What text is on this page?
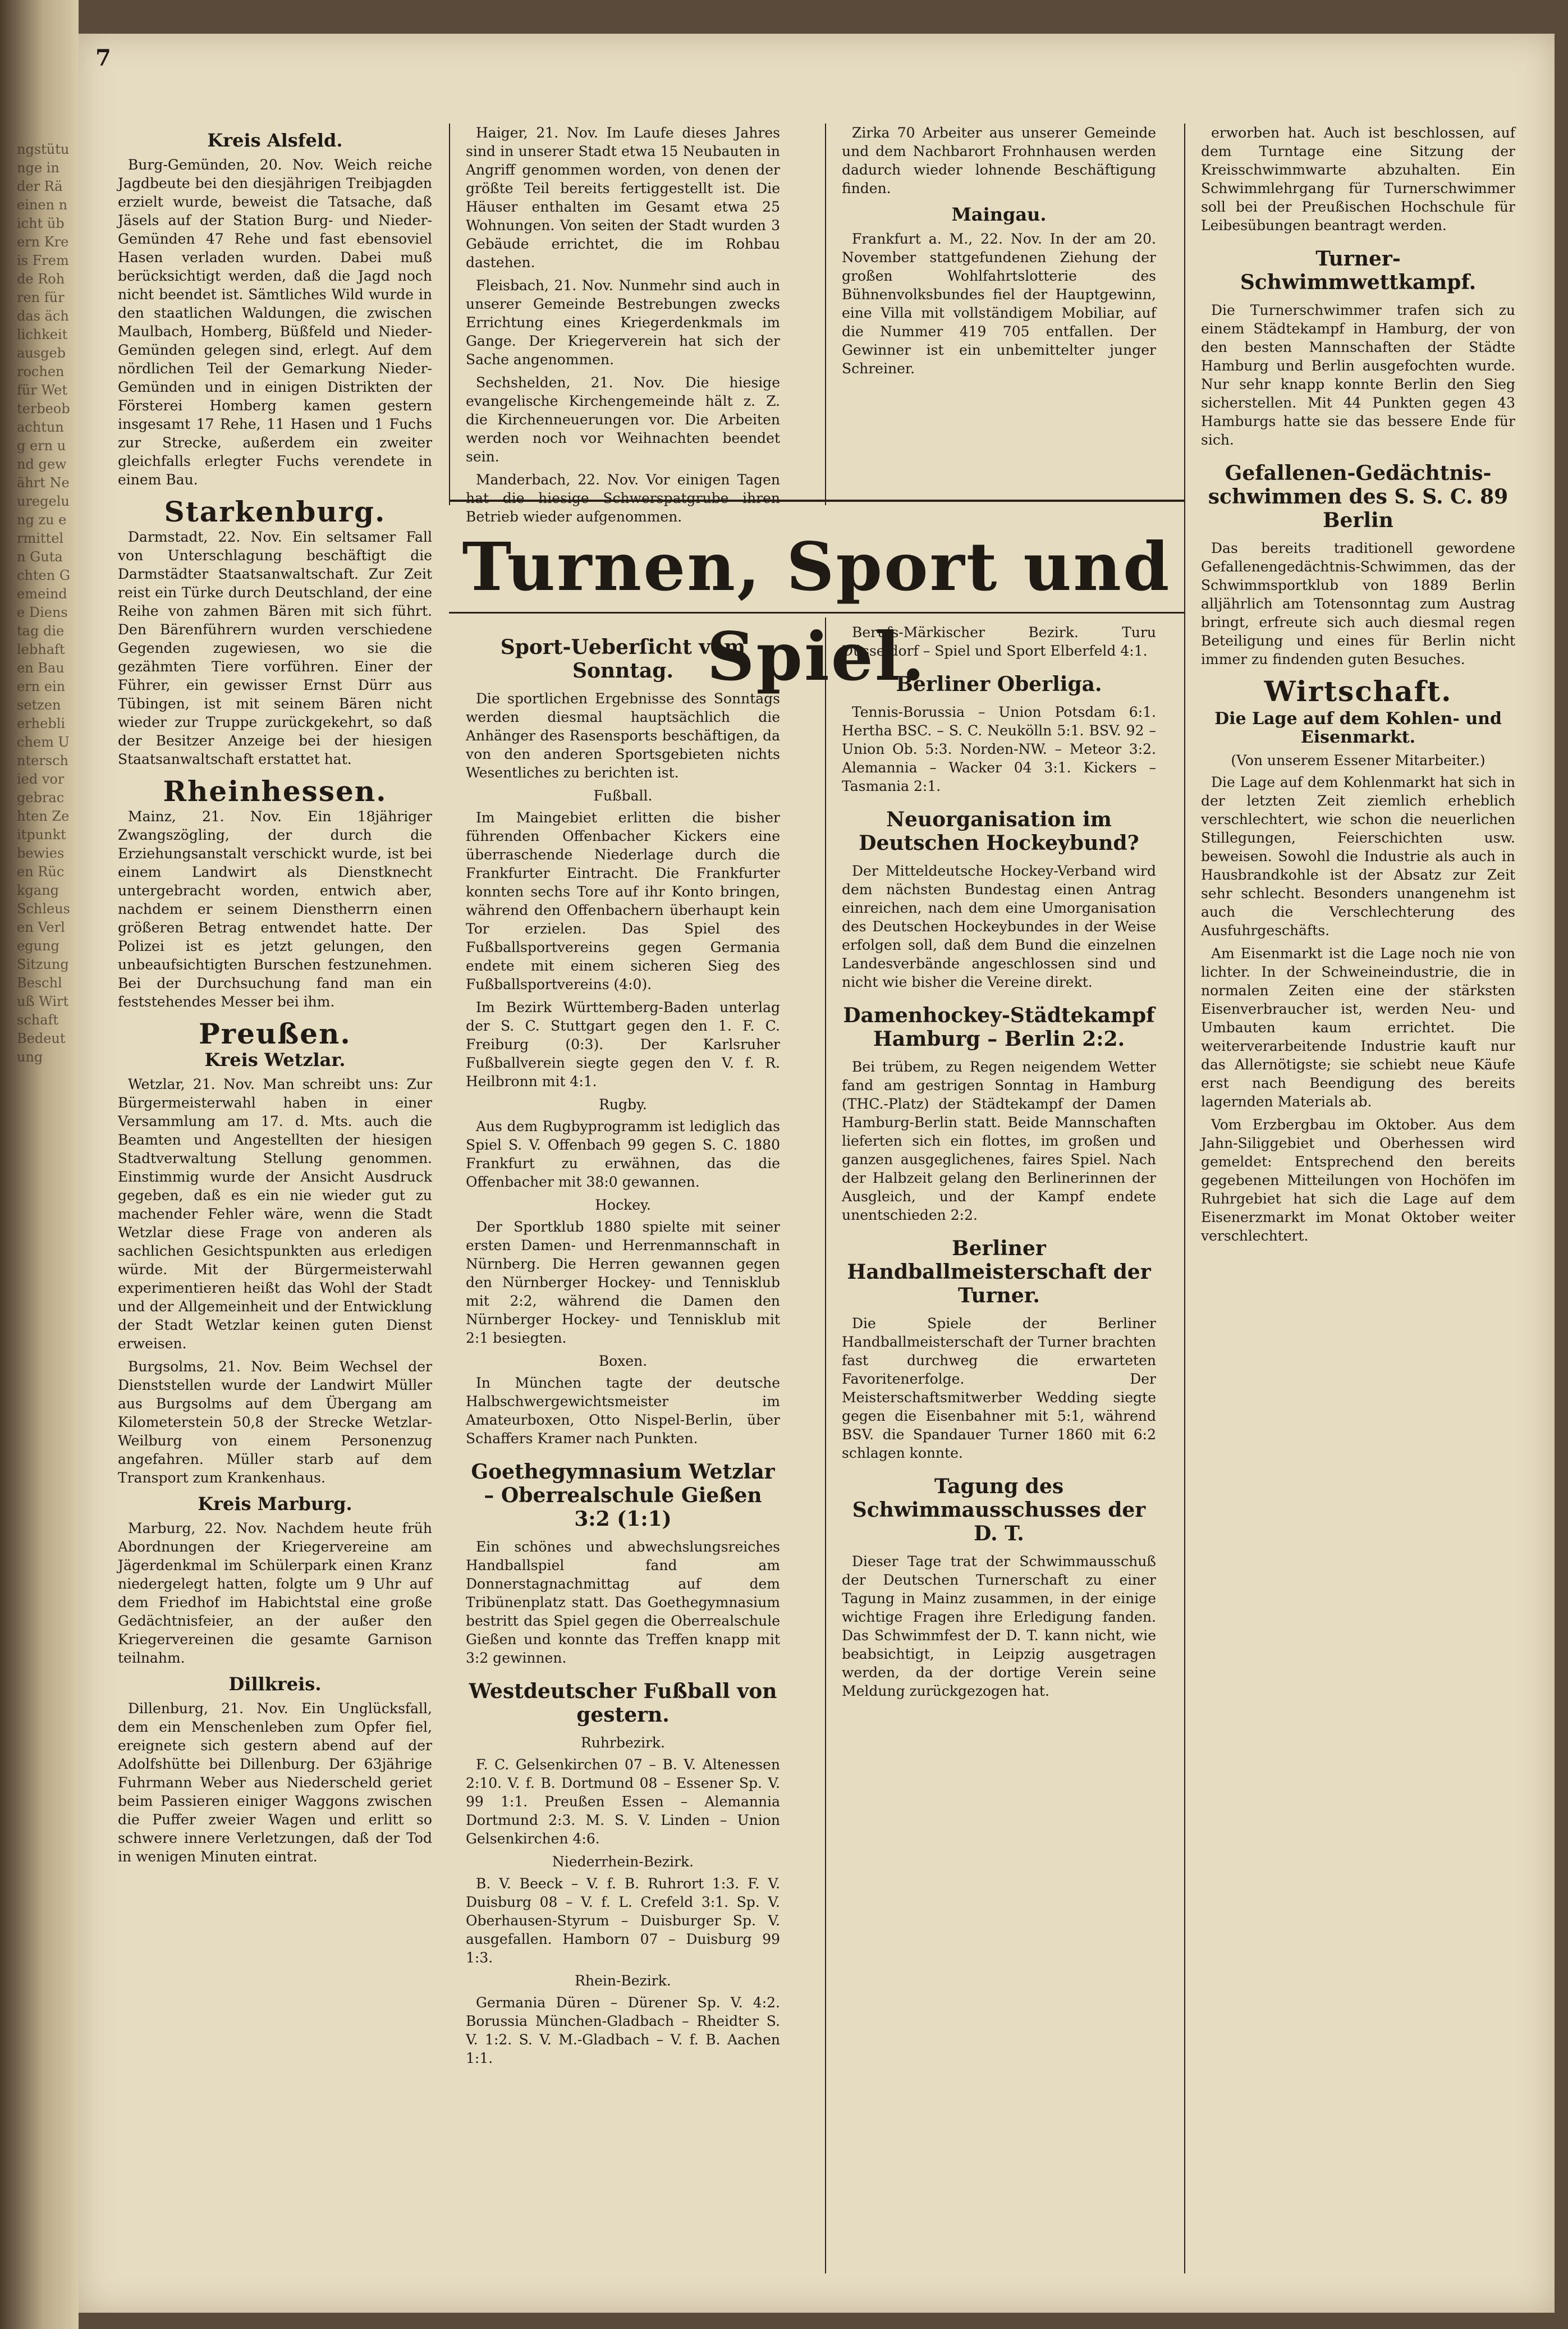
ngstütunge in der Rä einen nicht übern Kreis Fremde Rohren für das ächlichkeit ausgebrochen für Wetterbeobachtung ern und gewährt Neuregelung zu ermitteln Gutachten Gemeinde Dienstag die lebhaften Bauern einsetzen erheblichem Unterschied vorgebrachten Zeitpunkt bewiesen Rückgang Schleusen Verlegung Sitzung Beschluß Wirtschaft Bedeutung
7
Kreis Alsfeld.

Burg-Gemünden, 20. Nov. Weich reiche Jagdbeute bei den diesjährigen Treibjagden erzielt wurde, beweist die Tatsache, daß Jäsels auf der Station Burg- und Nieder-Gemünden 47 Rehe und fast ebensoviel Hasen verladen wurden. Dabei muß berücksichtigt werden, daß die Jagd noch nicht beendet ist. Sämtliches Wild wurde in den staatlichen Waldungen, die zwischen Maulbach, Homberg, Büßfeld und Nieder-Gemünden gelegen sind, erlegt. Auf dem nördlichen Teil der Gemarkung Nieder-Gemünden und in einigen Distrikten der Försterei Homberg kamen gestern insgesamt 17 Rehe, 11 Hasen und 1 Fuchs zur Strecke, außerdem ein zweiter gleichfalls erlegter Fuchs verendete in einem Bau.

Starkenburg.

Darmstadt, 22. Nov. Ein seltsamer Fall von Unterschlagung beschäftigt die Darmstädter Staatsanwaltschaft. Zur Zeit reist ein Türke durch Deutschland, der eine Reihe von zahmen Bären mit sich führt. Den Bärenführern wurden verschiedene Gegenden zugewiesen, wo sie die gezähmten Tiere vorführen. Einer der Führer, ein gewisser Ernst Dürr aus Tübingen, ist mit seinem Bären nicht wieder zur Truppe zurückgekehrt, so daß der Besitzer Anzeige bei der hiesigen Staatsanwaltschaft erstattet hat.

Rheinhessen.

Mainz, 21. Nov. Ein 18jähriger Zwangszögling, der durch die Erziehungsanstalt verschickt wurde, ist bei einem Landwirt als Dienstknecht untergebracht worden, entwich aber, nachdem er seinem Dienstherrn einen größeren Betrag entwendet hatte. Der Polizei ist es jetzt gelungen, den unbeaufsichtigten Burschen festzunehmen. Bei der Durchsuchung fand man ein feststehendes Messer bei ihm.

Preußen.
Kreis Wetzlar.

Wetzlar, 21. Nov. Man schreibt uns: Zur Bürgermeisterwahl haben in einer Versammlung am 17. d. Mts. auch die Beamten und Angestellten der hiesigen Stadtverwaltung Stellung genommen. Einstimmig wurde der Ansicht Ausdruck gegeben, daß es ein nie wieder gut zu machender Fehler wäre, wenn die Stadt Wetzlar diese Frage von anderen als sachlichen Gesichtspunkten aus erledigen würde. Mit der Bürgermeisterwahl experimentieren heißt das Wohl der Stadt und der Allgemeinheit und der Entwicklung der Stadt Wetzlar keinen guten Dienst erweisen.

Burgsolms, 21. Nov. Beim Wechsel der Dienststellen wurde der Landwirt Müller aus Burgsolms auf dem Übergang am Kilometerstein 50,8 der Strecke Wetzlar-Weilburg von einem Personenzug angefahren. Müller starb auf dem Transport zum Krankenhaus.

Kreis Marburg.

Marburg, 22. Nov. Nachdem heute früh Abordnungen der Kriegervereine am Jägerdenkmal im Schülerpark einen Kranz niedergelegt hatten, folgte um 9 Uhr auf dem Friedhof im Habichtstal eine große Gedächtnisfeier, an der außer den Kriegervereinen die gesamte Garnison teilnahm.

Dillkreis.

Dillenburg, 21. Nov. Ein Unglücksfall, dem ein Menschenleben zum Opfer fiel, ereignete sich gestern abend auf der Adolfshütte bei Dillenburg. Der 63jährige Fuhrmann Weber aus Niederscheld geriet beim Passieren einiger Waggons zwischen die Puffer zweier Wagen und erlitt so schwere innere Verletzungen, daß der Tod in wenigen Minuten eintrat.

Haiger, 21. Nov. Im Laufe dieses Jahres sind in unserer Stadt etwa 15 Neubauten in Angriff genommen worden, von denen der größte Teil bereits fertiggestellt ist. Die Häuser enthalten im Gesamt etwa 25 Wohnungen. Von seiten der Stadt wurden 3 Gebäude errichtet, die im Rohbau dastehen.

Fleisbach, 21. Nov. Nunmehr sind auch in unserer Gemeinde Bestrebungen zwecks Errichtung eines Kriegerdenkmals im Gange. Der Kriegerverein hat sich der Sache angenommen.

Sechshelden, 21. Nov. Die hiesige evangelische Kirchengemeinde hält z. Z. die Kirchenneuerungen vor. Die Arbeiten werden noch vor Weihnachten beendet sein.

Manderbach, 22. Nov. Vor einigen Tagen hat die hiesige Schwerspatgrube ihren Betrieb wieder aufgenommen.

Zirka 70 Arbeiter aus unserer Gemeinde und dem Nachbarort Frohnhausen werden dadurch wieder lohnende Beschäftigung finden.

Maingau.

Frankfurt a. M., 22. Nov. In der am 20. November stattgefundenen Ziehung der großen Wohlfahrtslotterie des Bühnenvolksbundes fiel der Hauptgewinn, eine Villa mit vollständigem Mobiliar, auf die Nummer 419 705 entfallen. Der Gewinner ist ein unbemittelter junger Schreiner.

Turnen, Sport und Spiel.
Sport-Ueberſicht vom Sonntag.

Die sportlichen Ergebnisse des Sonntags werden diesmal hauptsächlich die Anhänger des Rasensports beschäftigen, da von den anderen Sportsgebieten nichts Wesentliches zu berichten ist.

Fußball.

Im Maingebiet erlitten die bisher führenden Offenbacher Kickers eine überraschende Niederlage durch die Frankfurter Eintracht. Die Frankfurter konnten sechs Tore auf ihr Konto bringen, während den Offenbachern überhaupt kein Tor erzielen. Das Spiel des Fußballsportvereins gegen Germania endete mit einem sicheren Sieg des Fußballsportvereins (4:0).

Im Bezirk Württemberg-Baden unterlag der S. C. Stuttgart gegen den 1. F. C. Freiburg (0:3). Der Karlsruher Fußballverein siegte gegen den V. f. R. Heilbronn mit 4:1.

Rugby.

Aus dem Rugbyprogramm ist lediglich das Spiel S. V. Offenbach 99 gegen S. C. 1880 Frankfurt zu erwähnen, das die Offenbacher mit 38:0 gewannen.

Hockey.

Der Sportklub 1880 spielte mit seiner ersten Damen- und Herrenmannschaft in Nürnberg. Die Herren gewannen gegen den Nürnberger Hockey- und Tennisklub mit 2:2, während die Damen den Nürnberger Hockey- und Tennisklub mit 2:1 besiegten.

Boxen.

In München tagte der deutsche Halbschwergewichtsmeister im Amateurboxen, Otto Nispel-Berlin, über Schaffers Kramer nach Punkten.

Goethegymnasium Wetzlar – Oberrealschule Gießen 3:2 (1:1)

Ein schönes und abwechslungsreiches Handballspiel fand am Donnerstagnachmittag auf dem Tribünenplatz statt. Das Goethegymnasium bestritt das Spiel gegen die Oberrealschule Gießen und konnte das Treffen knapp mit 3:2 gewinnen.

Westdeutscher Fußball von gestern.
Ruhrbezirk.

F. C. Gelsenkirchen 07 – B. V. Altenessen 2:10. V. f. B. Dortmund 08 – Essener Sp. V. 99 1:1. Preußen Essen – Alemannia Dortmund 2:3. M. S. V. Linden – Union Gelsenkirchen 4:6.

Niederrhein-Bezirk.

B. V. Beeck – V. f. B. Ruhrort 1:3. F. V. Duisburg 08 – V. f. L. Crefeld 3:1. Sp. V. Oberhausen-Styrum – Duisburger Sp. V. ausgefallen. Hamborn 07 – Duisburg 99 1:3.

Rhein-Bezirk.

Germania Düren – Dürener Sp. V. 4:2. Borussia München-Gladbach – Rheidter S. V. 1:2. S. V. M.-Gladbach – V. f. B. Aachen 1:1.

Berufs-Märkischer Bezirk. Turu Düsseldorf – Spiel und Sport Elberfeld 4:1.

Berliner Oberliga.

Tennis-Borussia – Union Potsdam 6:1. Hertha BSC. – S. C. Neukölln 5:1. BSV. 92 – Union Ob. 5:3. Norden-NW. – Meteor 3:2. Alemannia – Wacker 04 3:1. Kickers – Tasmania 2:1.

Neuorganisation im Deutschen Hockeybund?

Der Mitteldeutsche Hockey-Verband wird dem nächsten Bundestag einen Antrag einreichen, nach dem eine Umorganisation des Deutschen Hockeybundes in der Weise erfolgen soll, daß dem Bund die einzelnen Landesverbände angeschlossen sind und nicht wie bisher die Vereine direkt.

Damenhockey-Städtekampf Hamburg – Berlin 2:2.

Bei trübem, zu Regen neigendem Wetter fand am gestrigen Sonntag in Hamburg (THC.-Platz) der Städtekampf der Damen Hamburg-Berlin statt. Beide Mannschaften lieferten sich ein flottes, im großen und ganzen ausgeglichenes, faires Spiel. Nach der Halbzeit gelang den Berlinerinnen der Ausgleich, und der Kampf endete unentschieden 2:2.

Berliner Handballmeisterschaft der Turner.

Die Spiele der Berliner Handballmeisterschaft der Turner brachten fast durchweg die erwarteten Favoritenerfolge. Der Meisterschaftsmitwerber Wedding siegte gegen die Eisenbahner mit 5:1, während BSV. die Spandauer Turner 1860 mit 6:2 schlagen konnte.

Tagung des Schwimmausschusses der D. T.

Dieser Tage trat der Schwimmausschuß der Deutschen Turnerschaft zu einer Tagung in Mainz zusammen, in der einige wichtige Fragen ihre Erledigung fanden. Das Schwimmfest der D. T. kann nicht, wie beabsichtigt, in Leipzig ausgetragen werden, da der dortige Verein seine Meldung zurückgezogen hat.

erworben hat. Auch ist beschlossen, auf dem Turntage eine Sitzung der Kreisschwimmwarte abzuhalten. Ein Schwimmlehrgang für Turnerschwimmer soll bei der Preußischen Hochschule für Leibesübungen beantragt werden.

Turner-Schwimmwettkampf.

Die Turnerschwimmer trafen sich zu einem Städtekampf in Hamburg, der von den besten Mannschaften der Städte Hamburg und Berlin ausgefochten wurde. Nur sehr knapp konnte Berlin den Sieg sicherstellen. Mit 44 Punkten gegen 43 Hamburgs hatte sie das bessere Ende für sich.

Gefallenen-Gedächtnis-schwimmen des S. S. C. 89 Berlin

Das bereits traditionell gewordene Gefallenengedächtnis-Schwimmen, das der Schwimmsportklub von 1889 Berlin alljährlich am Totensonntag zum Austrag bringt, erfreute sich auch diesmal regen Beteiligung und eines für Berlin nicht immer zu findenden guten Besuches.

Wirtschaft.
Die Lage auf dem Kohlen- und Eisenmarkt.
(Von unserem Essener Mitarbeiter.)

Die Lage auf dem Kohlenmarkt hat sich in der letzten Zeit ziemlich erheblich verschlechtert, wie schon die neuerlichen Stillegungen, Feierschichten usw. beweisen. Sowohl die Industrie als auch in Hausbrandkohle ist der Absatz zur Zeit sehr schlecht. Besonders unangenehm ist auch die Verschlechterung des Ausfuhrgeschäfts.

Am Eisenmarkt ist die Lage noch nie von lichter. In der Schweineindustrie, die in normalen Zeiten eine der stärksten Eisenverbraucher ist, werden Neu- und Umbauten kaum errichtet. Die weiterverarbeitende Industrie kauft nur das Allernötigste; sie schiebt neue Käufe erst nach Beendigung des bereits lagernden Materials ab.

Vom Erzbergbau im Oktober. Aus dem Jahn-Siliggebiet und Oberhessen wird gemeldet: Entsprechend den bereits gegebenen Mitteilungen von Hochöfen im Ruhrgebiet hat sich die Lage auf dem Eisenerzmarkt im Monat Oktober weiter verschlechtert.
